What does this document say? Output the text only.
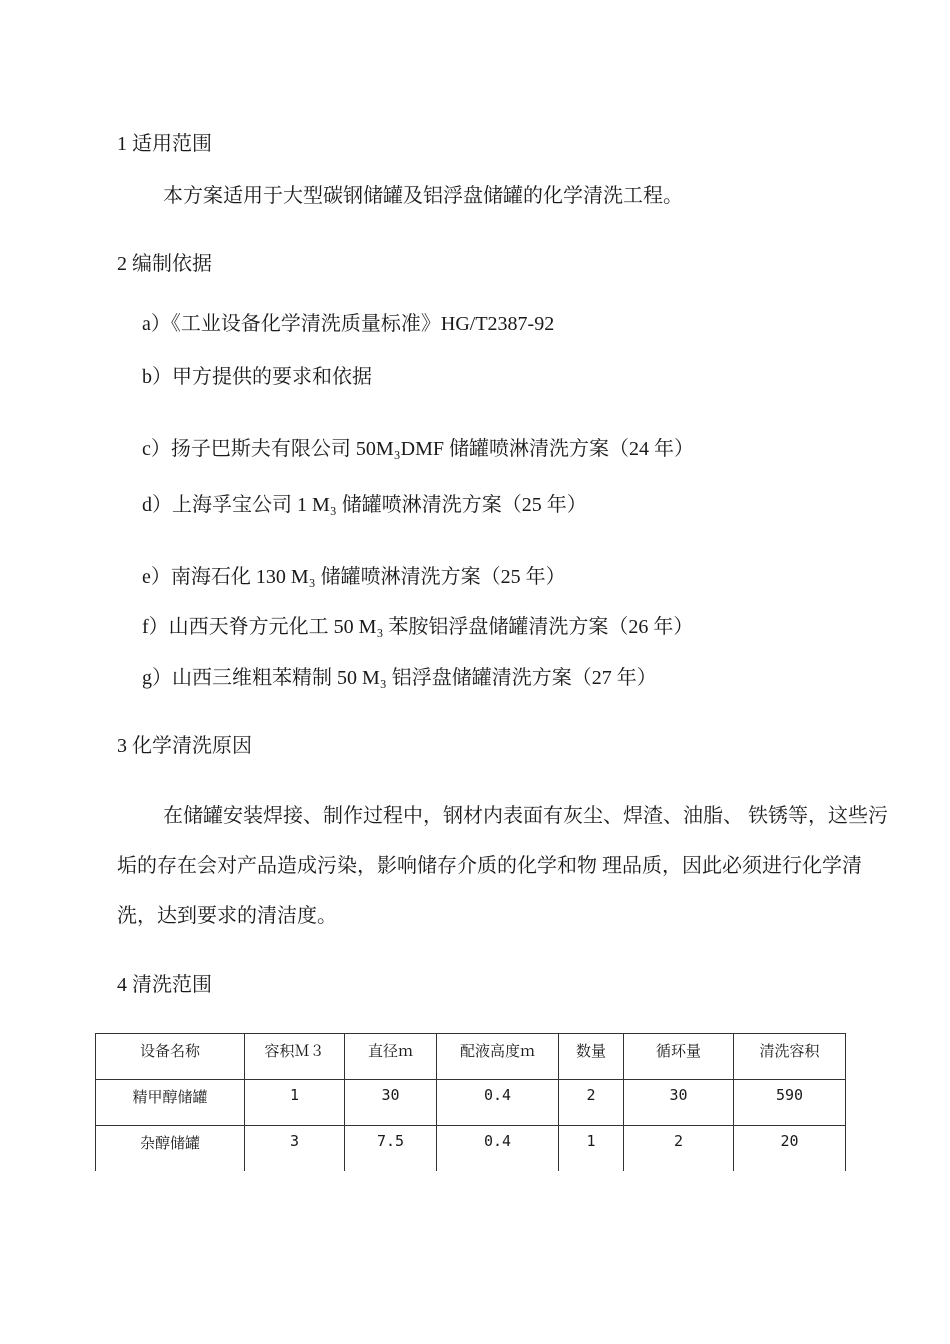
1 适用范围
本方案适用于大型碳钢储罐及铝浮盘储罐的化学清洗工程。
2 编制依据
a）《工业设备化学清洗质量标准》HG/T2387-92
b）甲方提供的要求和依据
c）扬子巴斯夫有限公司 50M₃DMF 储罐喷淋清洗方案（24 年）
d）上海孚宝公司 1 M₃ 储罐喷淋清洗方案（25 年）
e）南海石化 130 M₃ 储罐喷淋清洗方案（25 年）
f）山西天脊方元化工 50 M₃ 苯胺铝浮盘储罐清洗方案（26 年）
g）山西三维粗苯精制 50 M₃ 铝浮盘储罐清洗方案（27 年）
3 化学清洗原因
在储罐安装焊接、制作过程中，钢材内表面有灰尘、焊渣、油脂、 铁锈等，这些污垢的存在会对产品造成污染，影响储存介质的化学和物 理品质，因此必须进行化学清洗，达到要求的清洁度。
4 清洗范围
设备名称	容积Ｍ３	直径ｍ	配液高度ｍ	数量	循环量	清洗容积
精甲醇储罐	1	30	0.4	2	30	590
杂醇储罐	3	7.5	0.4	1	2	20
